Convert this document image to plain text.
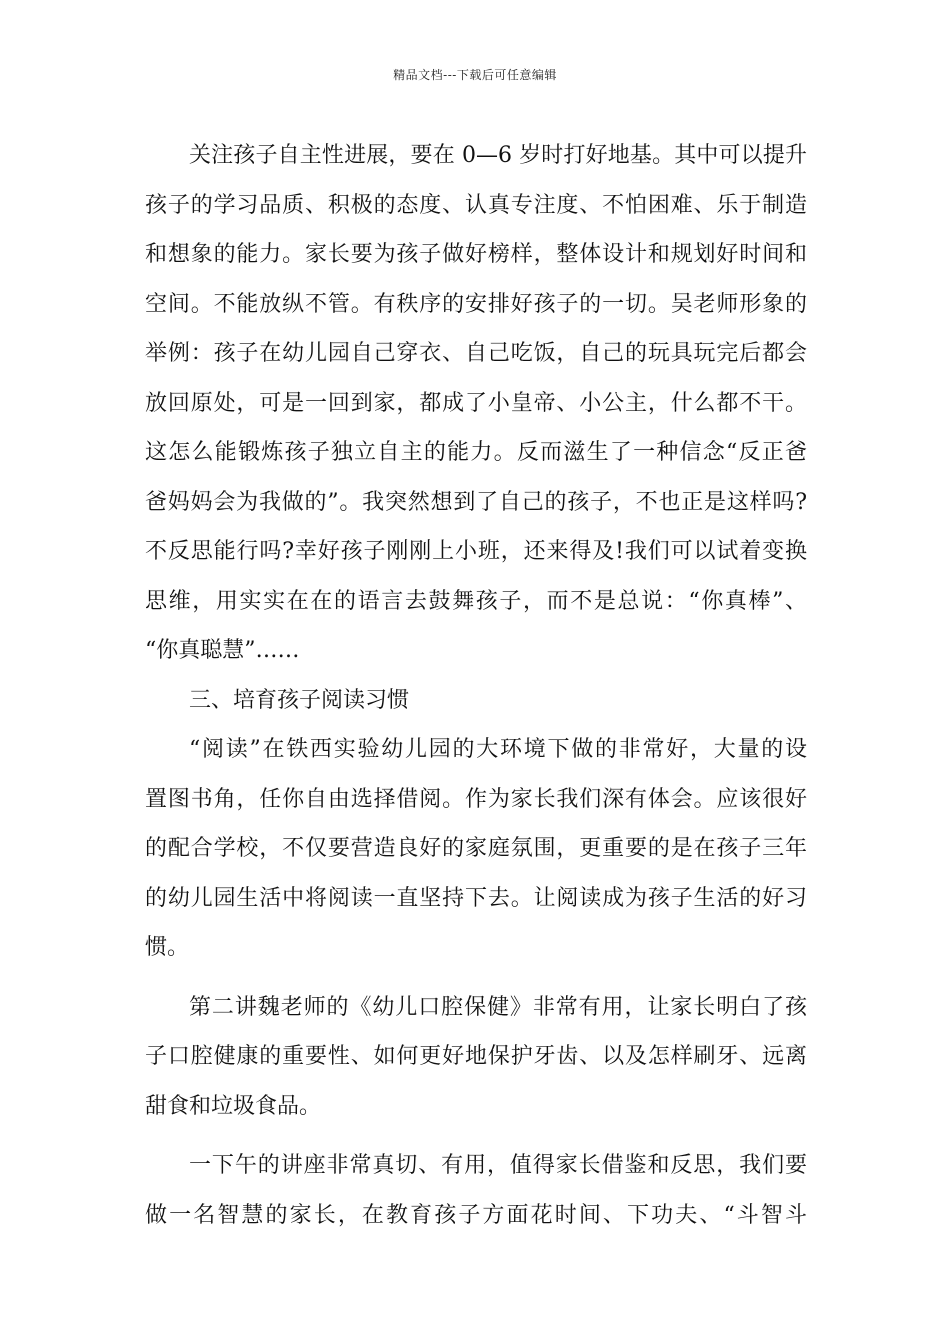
精品文档---下载后可任意编辑
关注孩子自主性进展，要在 0—6 岁时打好地基。其中可以提升
孩子的学习品质、积极的态度、认真专注度、不怕困难、乐于制造
和想象的能力。家长要为孩子做好榜样，整体设计和规划好时间和
空间。不能放纵不管。有秩序的安排好孩子的一切。吴老师形象的
举例：孩子在幼儿园自己穿衣、自己吃饭，自己的玩具玩完后都会
放回原处，可是一回到家，都成了小皇帝、小公主，什么都不干。
这怎么能锻炼孩子独立自主的能力。反而滋生了一种信念“反正爸
爸妈妈会为我做的”。我突然想到了自己的孩子，不也正是这样吗?
不反思能行吗?幸好孩子刚刚上小班，还来得及!我们可以试着变换
思维，用实实在在的语言去鼓舞孩子，而不是总说：“你真棒”、
“你真聪慧”……
三、培育孩子阅读习惯
“阅读”在铁西实验幼儿园的大环境下做的非常好，大量的设
置图书角，任你自由选择借阅。作为家长我们深有体会。应该很好
的配合学校，不仅要营造良好的家庭氛围，更重要的是在孩子三年
的幼儿园生活中将阅读一直坚持下去。让阅读成为孩子生活的好习
惯。
第二讲魏老师的《幼儿口腔保健》非常有用，让家长明白了孩
子口腔健康的重要性、如何更好地保护牙齿、以及怎样刷牙、远离
甜食和垃圾食品。
一下午的讲座非常真切、有用，值得家长借鉴和反思，我们要
做一名智慧的家长，在教育孩子方面花时间、下功夫、“斗智斗
